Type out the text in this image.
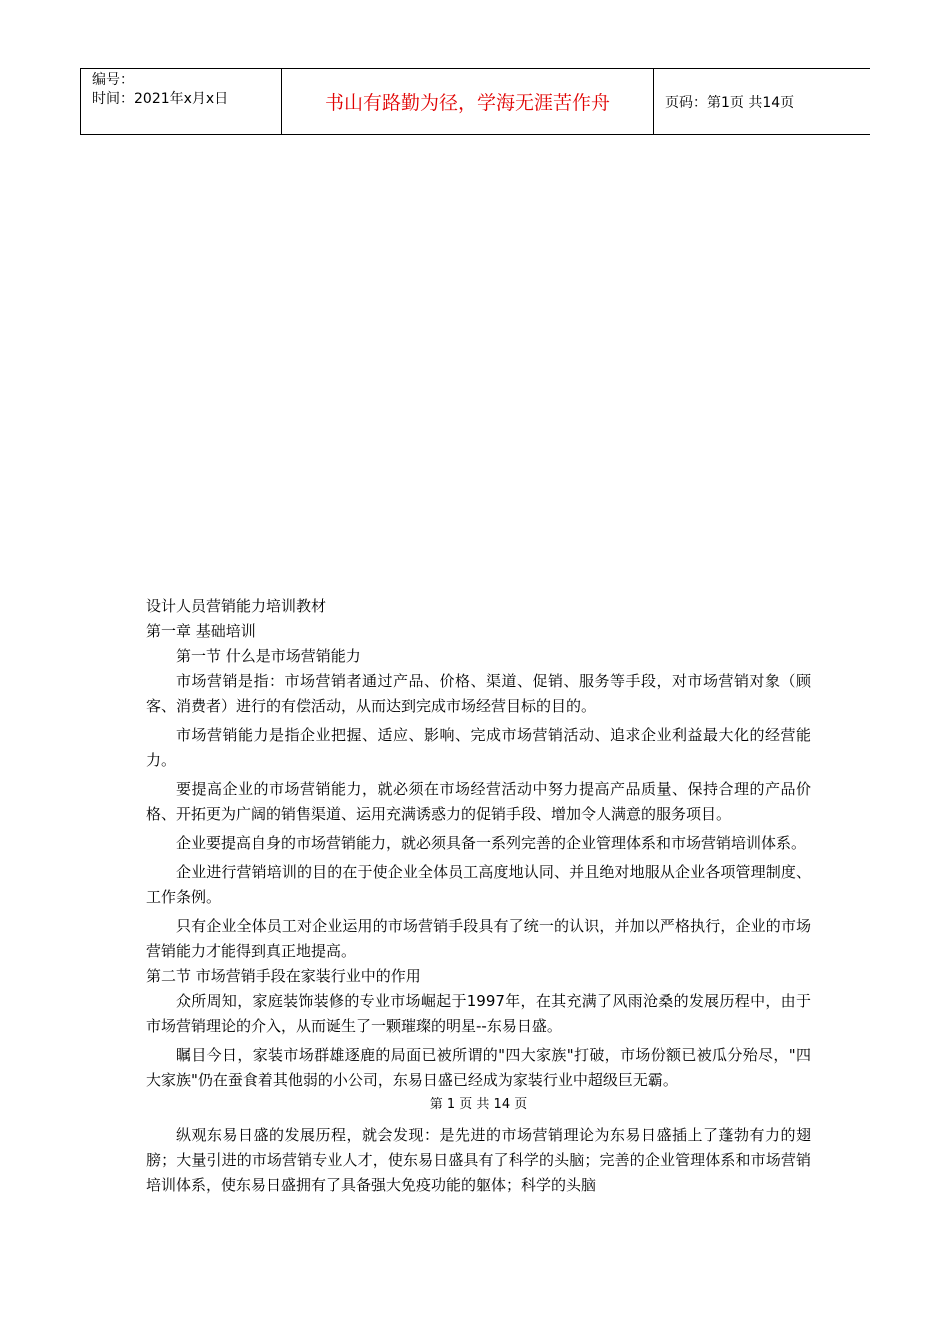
编号：
时间：2021年x月x日	书山有路勤为径，学海无涯苦作舟	页码：第1页 共14页

设计人员营销能力培训教材

第一章 基础培训

第一节 什么是市场营销能力

市场营销是指：市场营销者通过产品、价格、渠道、促销、服务等手段，对市场营销对象（顾客、消费者）进行的有偿活动，从而达到完成市场经营目标的目的。

市场营销能力是指企业把握、适应、影响、完成市场营销活动、追求企业利益最大化的经营能力。

要提高企业的市场营销能力，就必须在市场经营活动中努力提高产品质量、保持合理的产品价格、开拓更为广阔的销售渠道、运用充满诱惑力的促销手段、增加令人满意的服务项目。

企业要提高自身的市场营销能力，就必须具备一系列完善的企业管理体系和市场营销培训体系。

企业进行营销培训的目的在于使企业全体员工高度地认同、并且绝对地服从企业各项管理制度、工作条例。

只有企业全体员工对企业运用的市场营销手段具有了统一的认识，并加以严格执行，企业的市场营销能力才能得到真正地提高。

第二节 市场营销手段在家装行业中的作用

众所周知，家庭装饰装修的专业市场崛起于1997年，在其充满了风雨沧桑的发展历程中，由于市场营销理论的介入，从而诞生了一颗璀璨的明星--东易日盛。

瞩目今日，家装市场群雄逐鹿的局面已被所谓的"四大家族"打破，市场份额已被瓜分殆尽，"四大家族"仍在蚕食着其他弱的小公司，东易日盛已经成为家装行业中超级巨无霸。

第 1 页 共 14 页

纵观东易日盛的发展历程，就会发现：是先进的市场营销理论为东易日盛插上了蓬勃有力的翅膀；大量引进的市场营销专业人才，使东易日盛具有了科学的头脑；完善的企业管理体系和市场营销培训体系，使东易日盛拥有了具备强大免疫功能的躯体；科学的头脑
